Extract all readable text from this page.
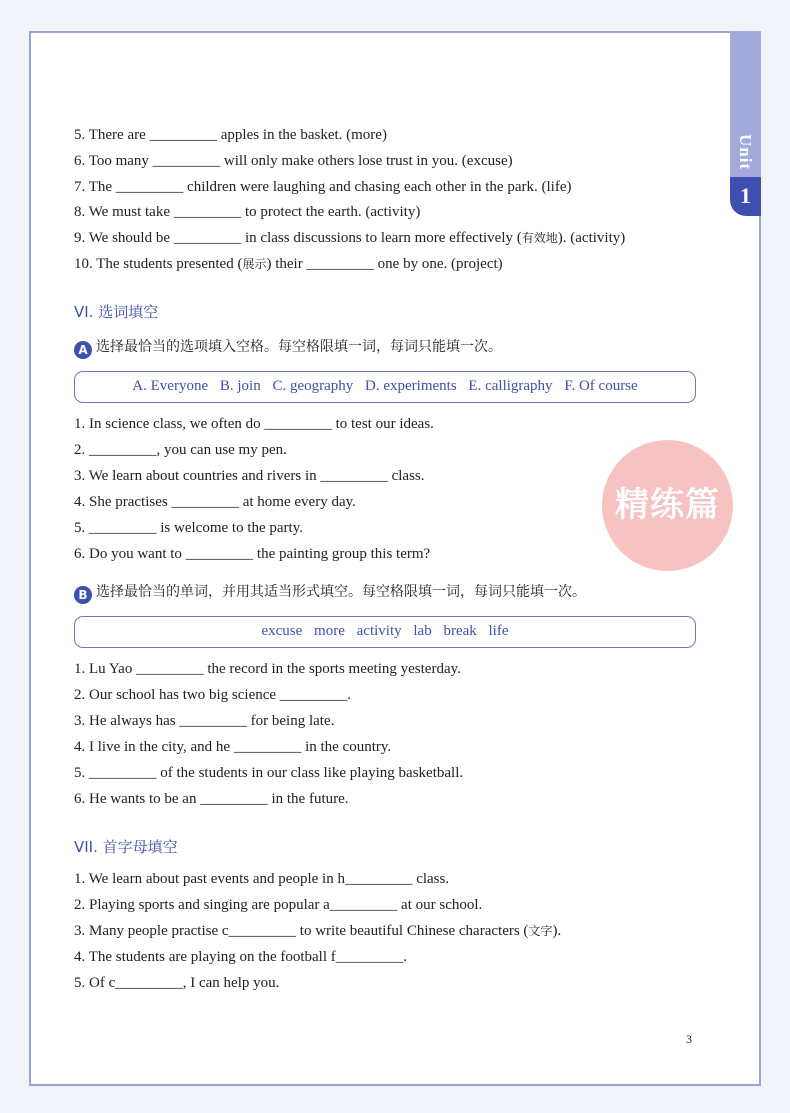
Unit
1
5. There are _________ apples in the basket. (more)
6. Too many _________ will only make others lose trust in you. (excuse)
7. The _________ children were laughing and chasing each other in the park. (life)
8. We must take _________ to protect the earth. (activity)
9. We should be _________ in class discussions to learn more effectively (有效地). (activity)
10. The students presented (展示) their _________ one by one. (project)
VI. 选词填空
A 选择最恰当的选项填入空格。每空格限填一词，每词只能填一次。
A. Everyone B. join C. geography D. experiments E. calligraphy F. Of course
1. In science class, we often do _________ to test our ideas.
2. _________, you can use my pen.
3. We learn about countries and rivers in _________ class.
4. She practises _________ at home every day.
5. _________ is welcome to the party.
6. Do you want to _________ the painting group this term?
精练篇
B 选择最恰当的单词，并用其适当形式填空。每空格限填一词，每词只能填一次。
excuse more activity lab break life
1. Lu Yao _________ the record in the sports meeting yesterday.
2. Our school has two big science _________.
3. He always has _________ for being late.
4. I live in the city, and he _________ in the country.
5. _________ of the students in our class like playing basketball.
6. He wants to be an _________ in the future.
VII. 首字母填空
1. We learn about past events and people in h_________ class.
2. Playing sports and singing are popular a_________ at our school.
3. Many people practise c_________ to write beautiful Chinese characters (文字).
4. The students are playing on the football f_________.
5. Of c_________, I can help you.
3
